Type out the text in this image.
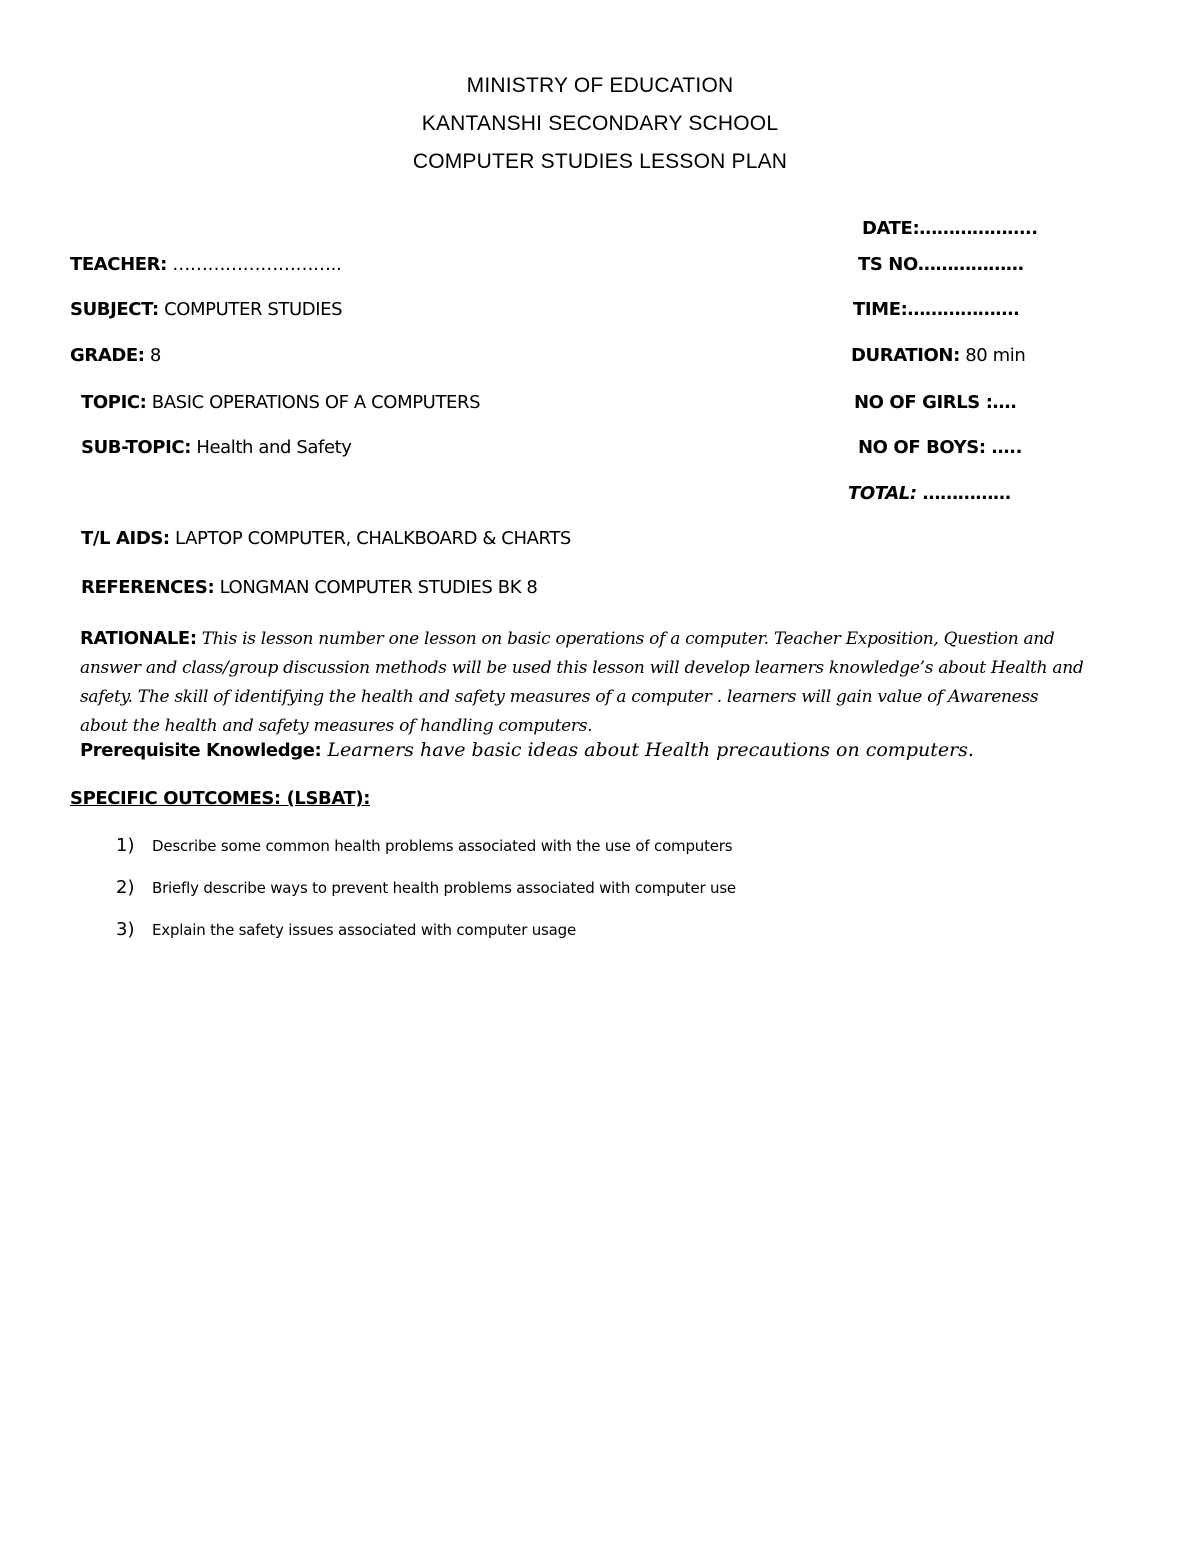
MINISTRY OF EDUCATION
KANTANSHI SECONDARY SCHOOL
COMPUTER STUDIES LESSON PLAN
TEACHER: ………………………..
SUBJECT: COMPUTER STUDIES
GRADE: 8
TOPIC: BASIC OPERATIONS OF A COMPUTERS
SUB-TOPIC: Health and Safety
DATE:………………..
TS NO………………
TIME:……………….
DURATION: 80 min
NO OF GIRLS :….
NO OF BOYS: …..
TOTAL: ……………
T/L AIDS: LAPTOP COMPUTER, CHALKBOARD & CHARTS
REFERENCES: LONGMAN COMPUTER STUDIES BK 8
RATIONALE: This is lesson number one lesson on basic operations of a computer. Teacher Exposition, Question and answer and class/group discussion methods will be used this lesson will develop learners knowledge’s about Health and safety. The skill of identifying the health and safety measures of a computer . learners will gain value of Awareness about the health and safety measures of handling computers.
Prerequisite Knowledge: Learners have basic ideas about Health precautions on computers.
SPECIFIC OUTCOMES: (LSBAT):
1) Describe some common health problems associated with the use of computers
2) Briefly describe ways to prevent health problems associated with computer use
3) Explain the safety issues associated with computer usage
